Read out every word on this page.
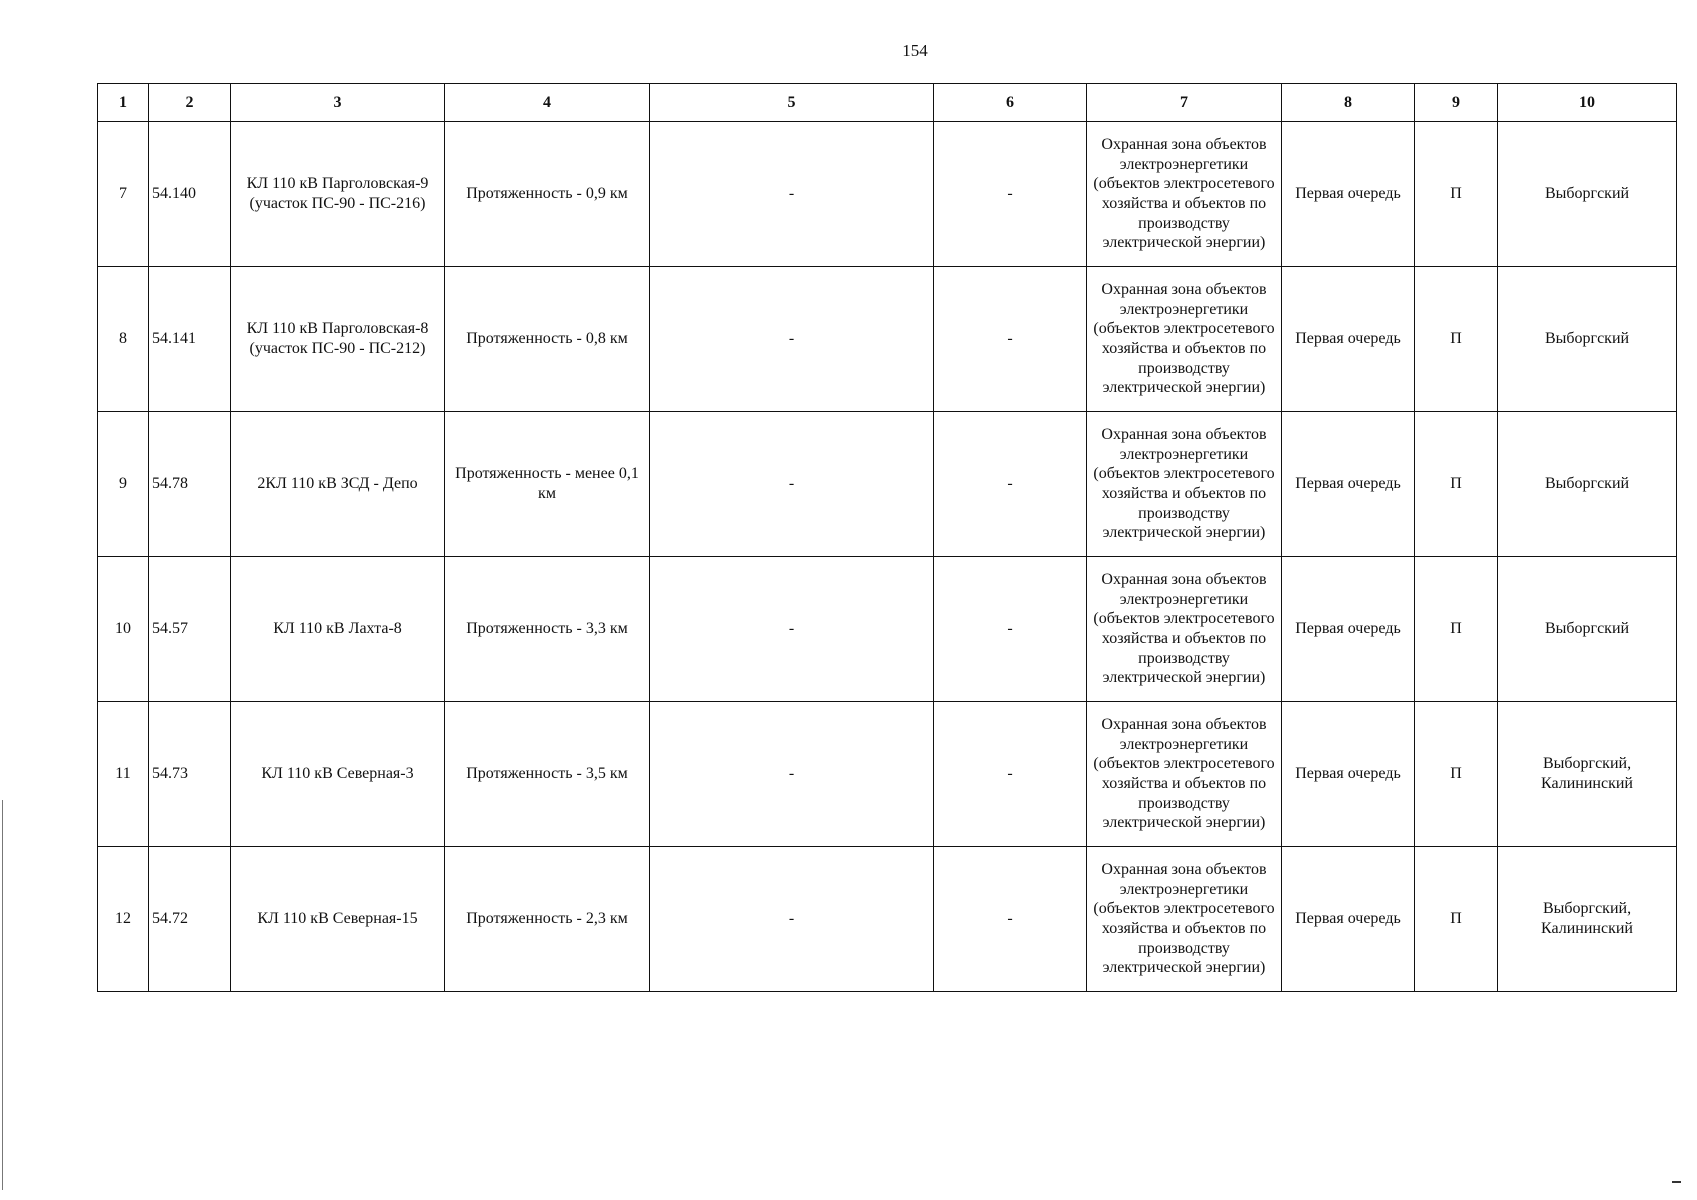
154
1	2	3	4	5	6	7	8	9	10
7	54.140	КЛ 110 кВ Парголовская-9 (участок ПС-90 - ПС-216)	Протяженность - 0,9 км	-	-	Охранная зона объектов электроэнергетики (объектов электросетевого хозяйства и объектов по производству электрической энергии)	Первая очередь	П	Выборгский
8	54.141	КЛ 110 кВ Парголовская-8 (участок ПС-90 - ПС-212)	Протяженность - 0,8 км	-	-	Охранная зона объектов электроэнергетики (объектов электросетевого хозяйства и объектов по производству электрической энергии)	Первая очередь	П	Выборгский
9	54.78	2КЛ 110 кВ ЗСД - Депо	Протяженность - менее 0,1 км	-	-	Охранная зона объектов электроэнергетики (объектов электросетевого хозяйства и объектов по производству электрической энергии)	Первая очередь	П	Выборгский
10	54.57	КЛ 110 кВ Лахта-8	Протяженность - 3,3 км	-	-	Охранная зона объектов электроэнергетики (объектов электросетевого хозяйства и объектов по производству электрической энергии)	Первая очередь	П	Выборгский
11	54.73	КЛ 110 кВ Северная-3	Протяженность - 3,5 км	-	-	Охранная зона объектов электроэнергетики (объектов электросетевого хозяйства и объектов по производству электрической энергии)	Первая очередь	П	Выборгский, Калининский
12	54.72	КЛ 110 кВ Северная-15	Протяженность - 2,3 км	-	-	Охранная зона объектов электроэнергетики (объектов электросетевого хозяйства и объектов по производству электрической энергии)	Первая очередь	П	Выборгский, Калининский
